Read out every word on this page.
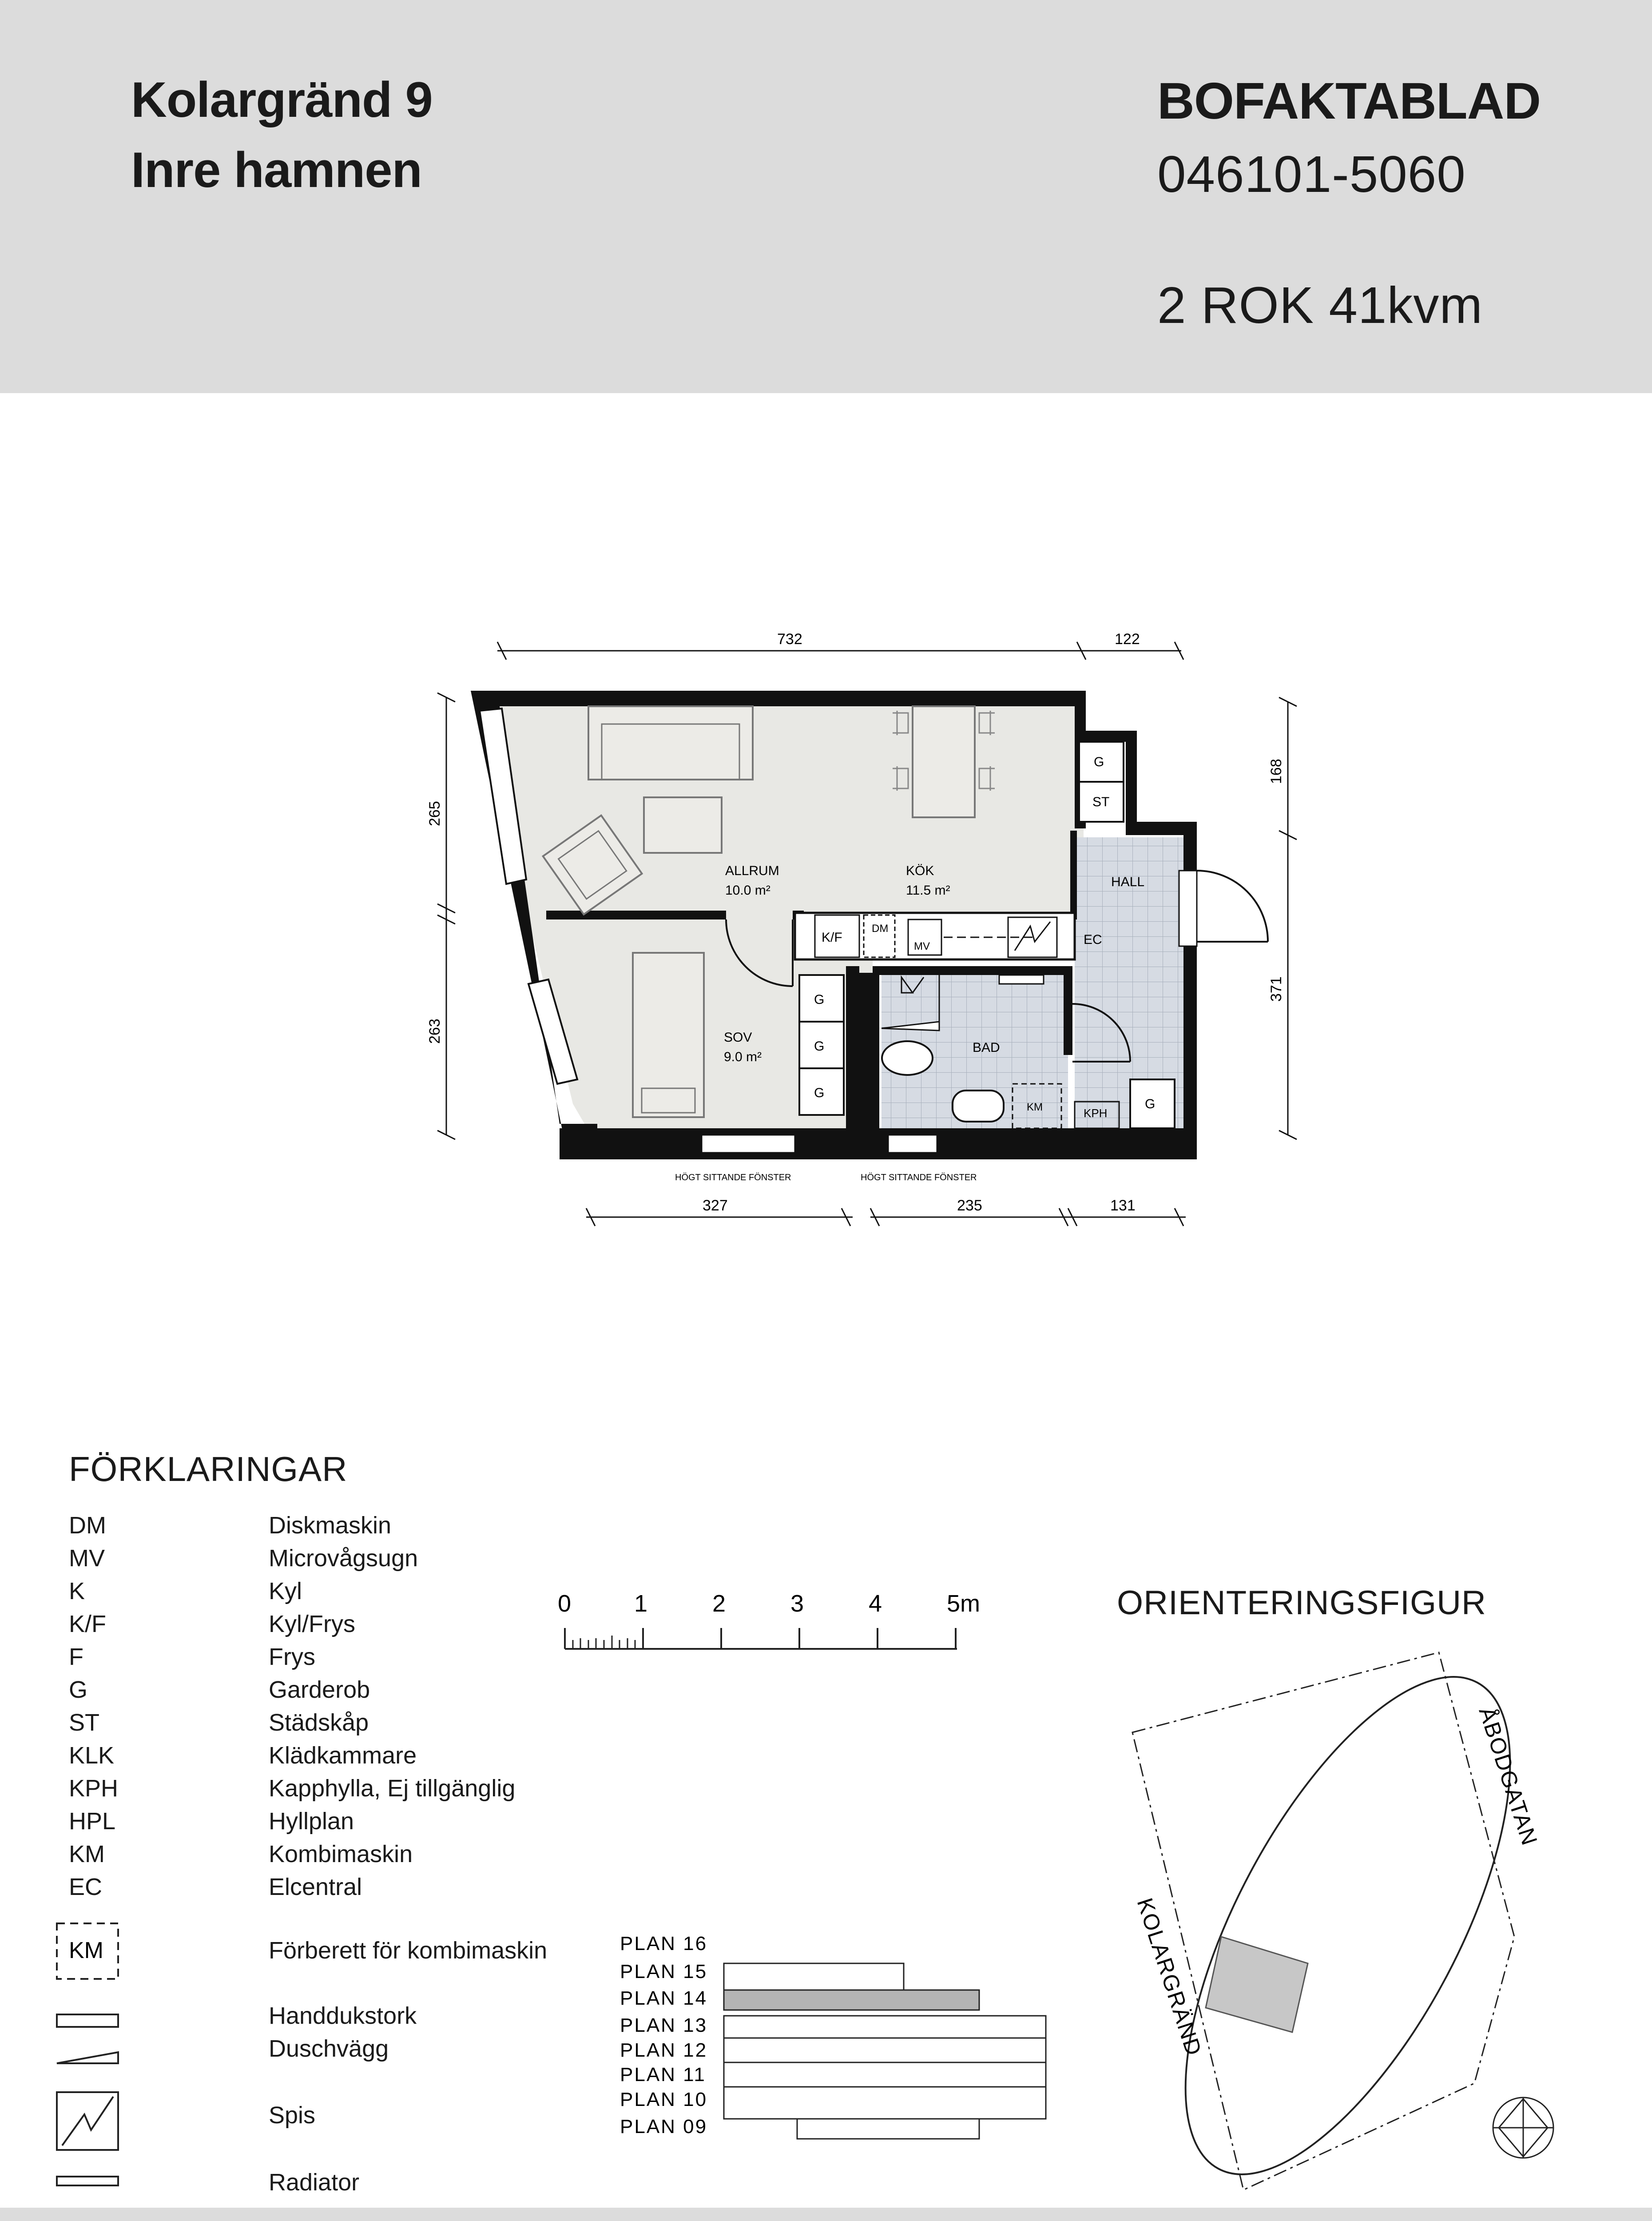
Kolargränd 9
Inre hamnen
BOFAKTABLAD
046101-5060
2 ROK 41kvm
ALLRUM
10.0 m²
KÖK
11.5 m²
SOV
9.0 m²
BAD
HALL
G
ST
K/F
DM
MV	EC
G
G
G
G
KM	KPH
732	122
265
263
168
371
327	235	131
HÖGT SITTANDE FÖNSTER	HÖGT SITTANDE FÖNSTER
FÖRKLARINGAR
DM	Diskmaskin
MV	Microvågsugn
K	Kyl
K/F	Kyl/Frys
F	Frys
G	Garderob
ST	Städskåp
KLK	Klädkammare
KPH	Kapphylla, Ej tillgänglig
HPL	Hyllplan
KM	Kombimaskin
EC	Elcentral
KM	Förberett för kombimaskin
Handdukstork
Duschvägg
Spis
Radiator
0	1	2	3	4	5m
PLAN 16
PLAN 15
PLAN 14
PLAN 13
PLAN 12
PLAN 11
PLAN 10
PLAN 09
ORIENTERINGSFIGUR
ÅBODGATAN
KOLARGRÄND
